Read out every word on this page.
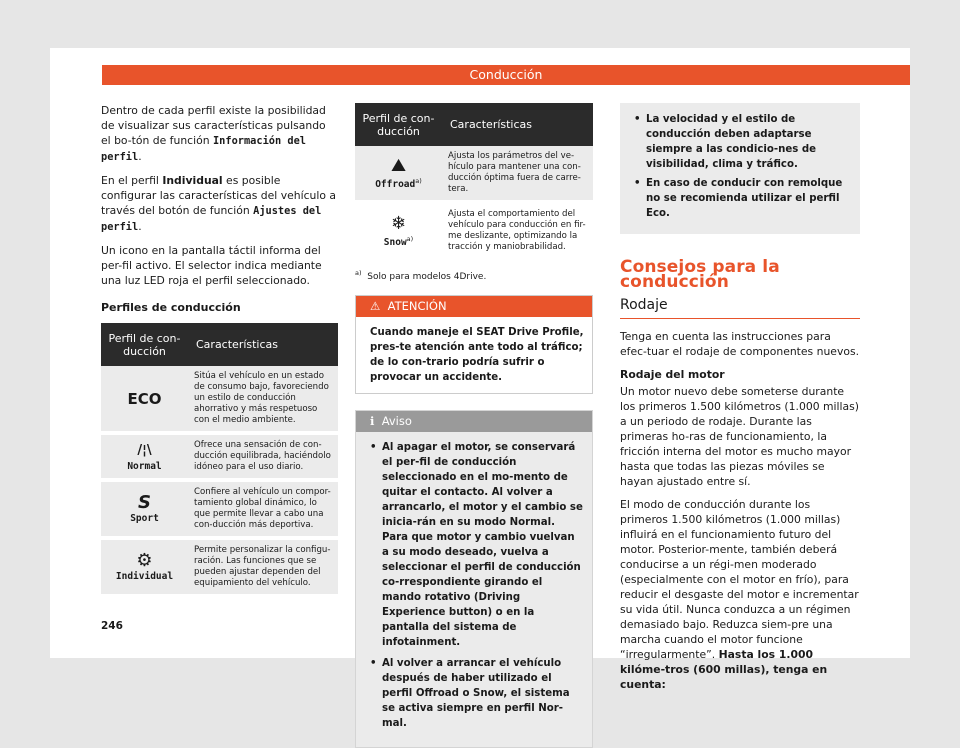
Conducción

Dentro de cada perfil existe la posibilidad de visualizar sus características pulsando el bo-tón de función Información del perfil.

En el perfil Individual es posible configurar las características del vehículo a través del botón de función Ajustes del perfil.

Un icono en la pantalla táctil informa del per-fil activo. El selector indica mediante una luz LED roja el perfil seleccionado.

Perfiles de conducción
Perfil de con-ducción	Características

ECO	Sitúa el vehículo en un estado de consumo bajo, favoreciendo un estilo de conducción ahorrativo y más respetuoso con el medio ambiente.

/¦\
Normal	Ofrece una sensación de con-ducción equilibrada, haciéndolo idóneo para el uso diario.

S
Sport	Confiere al vehículo un compor-tamiento global dinámico, lo que permite llevar a cabo una con-ducción más deportiva.

⚙
Individual	Permite personalizar la configu-ración. Las funciones que se pueden ajustar dependen del equipamiento del vehículo.
Perfil de con-ducción	Características

⛰
Offroad$^{a)}$	Ajusta los parámetros del ve-hículo para mantener una con-ducción óptima fuera de carre-tera.

❄
Snow$^{a)}$	Ajusta el comportamiento del vehículo para conducción en fir-me deslizante, optimizando la tracción y maniobrabilidad.
$^{a)}$ Solo para modelos 4Drive.
⚠ ATENCIÓN
Cuando maneje el SEAT Drive Profile, pres-te atención ante todo al tráfico; de lo con-trario podría sufrir o provocar un accidente.
ℹ Aviso
• Al apagar el motor, se conservará el per-fil de conducción seleccionado en el mo-mento de quitar el contacto. Al volver a arrancarlo, el motor y el cambio se inicia-rán en su modo Normal. Para que motor y cambio vuelvan a su modo deseado, vuelva a seleccionar el perfil de conducción co-rrespondiente girando el mando rotativo (Driving Experience button) o en la pantalla del sistema de infotainment.
• Al volver a arrancar el vehículo después de haber utilizado el perfil Offroad o Snow, el sistema se activa siempre en perfil Nor-mal.
• La velocidad y el estilo de conducción deben adaptarse siempre a las condicio-nes de visibilidad, clima y tráfico.
• En caso de conducir con remolque no se recomienda utilizar el perfil Eco.
Consejos para la conducción
Rodaje

Tenga en cuenta las instrucciones para efec-tuar el rodaje de componentes nuevos.

Rodaje del motor

Un motor nuevo debe someterse durante los primeros 1.500 kilómetros (1.000 millas) a un periodo de rodaje. Durante las primeras ho-ras de funcionamiento, la fricción interna del motor es mucho mayor hasta que todas las piezas móviles se hayan ajustado entre sí.

El modo de conducción durante los primeros 1.500 kilómetros (1.000 millas) influirá en el funcionamiento futuro del motor. Posterior-mente, también deberá conducirse a un régi-men moderado (especialmente con el motor en frío), para reducir el desgaste del motor e incrementar su vida útil. Nunca conduzca a un régimen demasiado bajo. Reduzca siem-pre una marcha cuando el motor funcione “irregularmente”. Hasta los 1.000 kilóme-tros (600 millas), tenga en cuenta:

246
